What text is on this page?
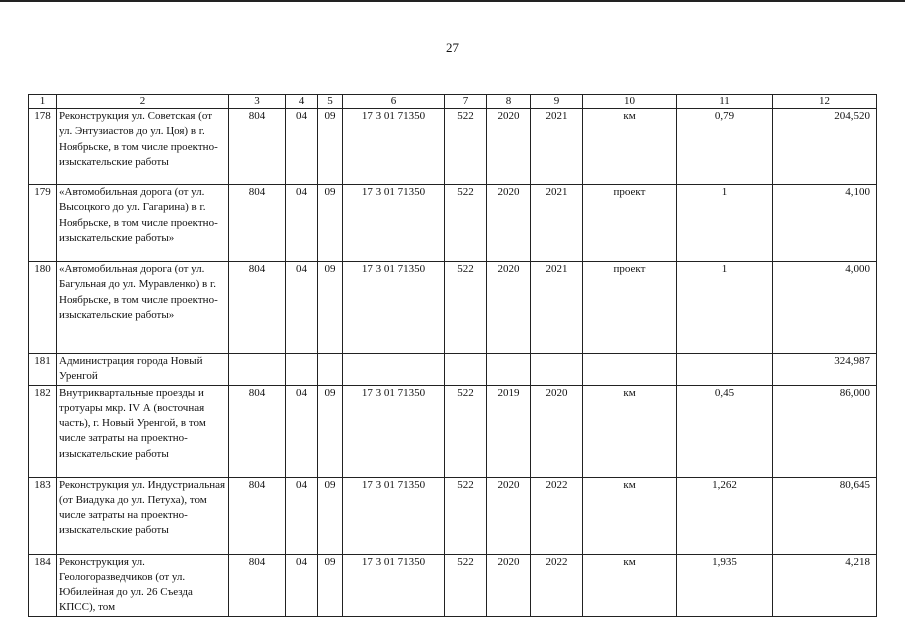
27
1	2	3	4	5	6	7	8	9	10	11	12
178	Реконструкция ул. Советская (от ул. Энтузиастов до ул. Цоя) в г. Ноябрьске, в том числе проектно-изыскательские работы	804	04	09	17 3 01 71350	522	2020	2021	км	0,79	204,520
179	«Автомобильная дорога (от ул. Высоцкого до ул. Гагарина) в г. Ноябрьске, в том числе проектно-изыскательские работы»	804	04	09	17 3 01 71350	522	2020	2021	проект	1	4,100
180	«Автомобильная дорога (от ул. Багульная до ул. Муравленко) в г. Ноябрьске, в том числе проектно-изыскательские работы»	804	04	09	17 3 01 71350	522	2020	2021	проект	1	4,000
181	Администрация города Новый Уренгой										324,987
182	Внутриквартальные проезды и тротуары мкр. IV А (восточная часть), г. Новый Уренгой, в том числе затраты на проектно-изыскательские работы	804	04	09	17 3 01 71350	522	2019	2020	км	0,45	86,000
183	Реконструкция ул. Индустриальная (от Виадука до ул. Петуха), том числе затраты на проектно-изыскательские работы	804	04	09	17 3 01 71350	522	2020	2022	км	1,262	80,645
184	Реконструкция ул. Геологоразведчиков (от ул. Юбилейная до ул. 26 Съезда КПСС), том	804	04	09	17 3 01 71350	522	2020	2022	км	1,935	4,218
